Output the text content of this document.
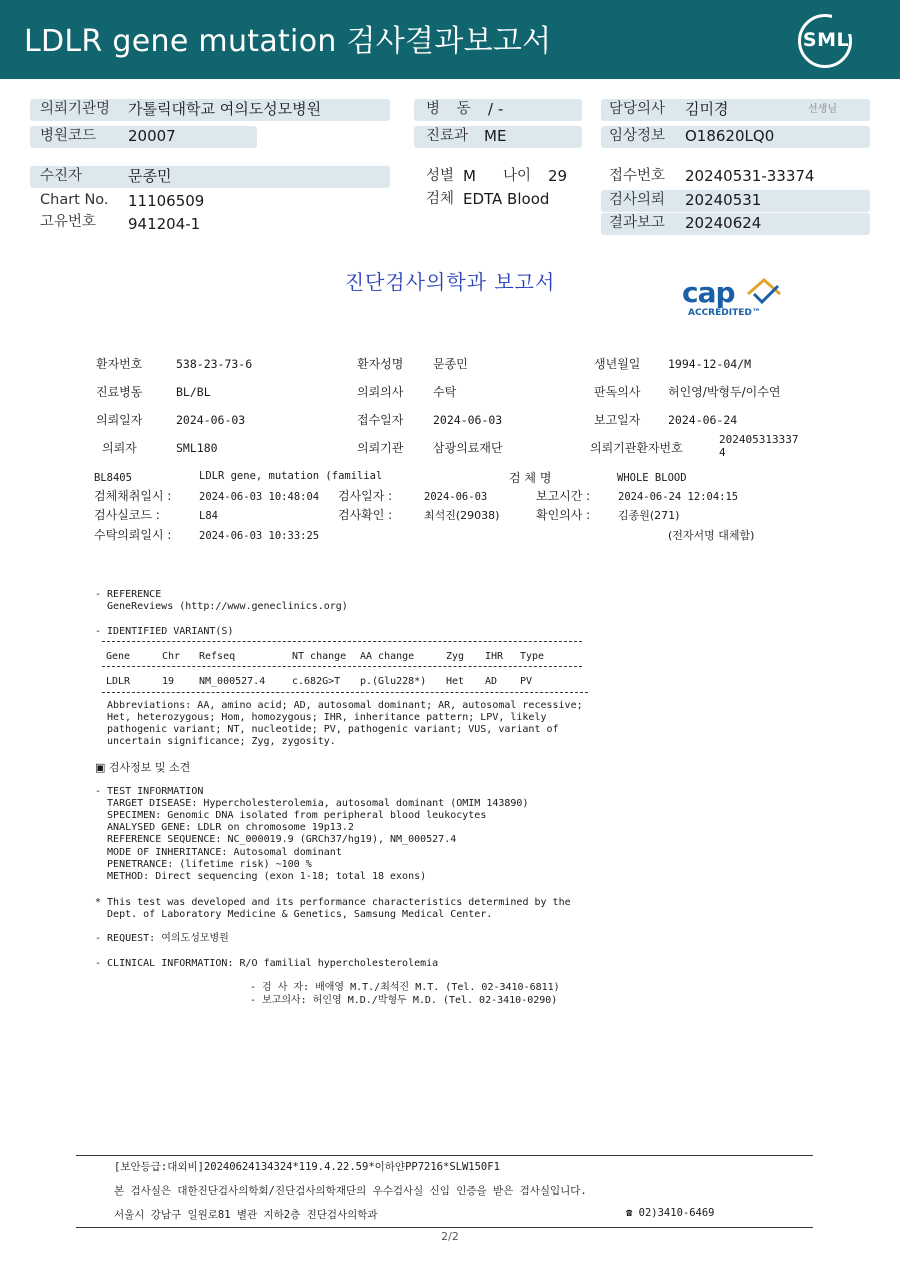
LDLR gene mutation 검사결과보고서	SML
의뢰기관명 가톨릭대학교 여의도성모병원
병원코드 20007
병 동 / -
진료과 ME
담당의사 김미경	선생님
임상정보 O18620LQ0
수진자	문종민
Chart No. 11106509
고유번호 941204-1
성별 M 나이 29
검체 EDTA Blood
접수번호 20240531-33374
검사의뢰 20240531
결과보고 20240624
진단검사의학과 보고서	cap
ACCREDITED™
환자번호	538-23-73-6	환자성명 문종민	생년월일 1994-12-04/M
진료병동	BL/BL	의뢰의사 수탁	판독의사 허인영/박형두/이수연
의뢰일자	2024-06-03	접수일자	2024-06-03	보고일자 2024-06-24
의뢰자	SML180	의뢰기관 삼광의료재단	의뢰기관환자번호
202405313337
4
BL8405	LDLR gene, mutation (familial	검 체 명	WHOLE BLOOD
검체채취일시 :	2024-06-03 10:48:04 검사일자 :	2024-06-03	보고시간 :	2024-06-24 12:04:15
검사실코드 :	L84	검사확인 :	최석진(29038)	확인의사 :	김종원(271)
수탁의뢰일시 :	2024-06-03 10:33:25	(전자서명 대체함)
- REFERENCE
GeneReviews (http://www.geneclinics.org)
- IDENTIFIED VARIANT(S)
Gene	Chr Refseq	NT change AA change	Zyg IHR Type
LDLR	19 NM_000527.4	c.682G>T p.(Glu228*) Het AD PV
Abbreviations: AA, amino acid; AD, autosomal dominant; AR, autosomal recessive;
Het, heterozygous; Hom, homozygous; IHR, inheritance pattern; LPV, likely
pathogenic variant; NT, nucleotide; PV, pathogenic variant; VUS, variant of
uncertain significance; Zyg, zygosity.
▣ 검사정보 및 소견
- TEST INFORMATION
TARGET DISEASE: Hypercholesterolemia, autosomal dominant (OMIM 143890)
SPECIMEN: Genomic DNA isolated from peripheral blood leukocytes
ANALYSED GENE: LDLR on chromosome 19p13.2
REFERENCE SEQUENCE: NC_000019.9 (GRCh37/hg19), NM_000527.4
MODE OF INHERITANCE: Autosomal dominant
PENETRANCE: (lifetime risk) ~100 %
METHOD: Direct sequencing (exon 1-18; total 18 exons)
* This test was developed and its performance characteristics determined by the
Dept. of Laboratory Medicine & Genetics, Samsung Medical Center.
- REQUEST: 여의도성모병원
- CLINICAL INFORMATION: R/O familial hypercholesterolemia
- 검 사 자: 배애영 M.T./최석진 M.T. (Tel. 02-3410-6811)
- 보고의사: 허인영 M.D./박형두 M.D. (Tel. 02-3410-0290)
[보안등급:대외비]20240624134324*119.4.22.59*이하얀PP7216*SLW150F1
본 검사실은 대한진단검사의학회/진단검사의학재단의 우수검사실 신임 인증을 받은 검사실입니다.
서울시 강남구 일원로81 별관 지하2층 진단검사의학과	☎ 02)3410-6469
2/2
